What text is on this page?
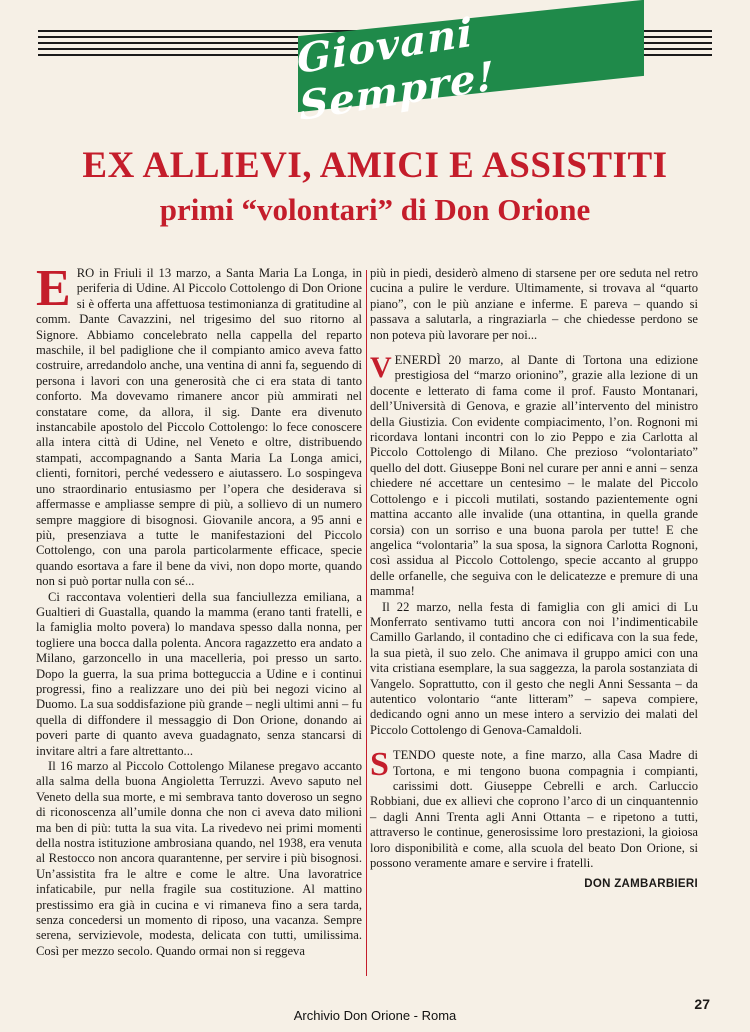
Giovani Sempre!
EX ALLIEVI, AMICI E ASSISTITI
primi “volontari” di Don Orione

ERO in Friuli il 13 marzo, a Santa Maria La Longa, in periferia di Udine. Al Piccolo Cottolengo di Don Orione si è offerta una affettuosa testimonianza di gratitudine al comm. Dante Cavazzini, nel trigesimo del suo ritorno al Signore. Abbiamo concelebrato nella cappella del reparto maschile, il bel padiglione che il compianto amico aveva fatto costruire, arredandolo anche, una ventina di anni fa, seguendo di persona i lavori con una generosità che ci era stata di tanto conforto. Ma dovevamo rimanere ancor più ammirati nel constatare come, da allora, il sig. Dante era divenuto instancabile apostolo del Piccolo Cottolengo: lo fece conoscere alla intera città di Udine, nel Veneto e oltre, distribuendo stampati, accompagnando a Santa Maria La Longa amici, clienti, fornitori, perché vedessero e aiutassero. Lo sospingeva uno straordinario entusiasmo per l’opera che desiderava si affermasse e ampliasse sempre di più, a sollievo di un numero sempre maggiore di bisognosi. Giovanile ancora, a 95 anni e più, presenziava a tutte le manifestazioni del Piccolo Cottolengo, con una parola particolarmente efficace, specie quando esortava a fare il bene da vivi, non dopo morte, quando non si può portar nulla con sé...

Ci raccontava volentieri della sua fanciullezza emiliana, a Gualtieri di Guastalla, quando la mamma (erano tanti fratelli, e la famiglia molto povera) lo mandava spesso dalla nonna, per togliere una bocca dalla polenta. Ancora ragazzetto era andato a Milano, garzoncello in una macelleria, poi presso un sarto. Dopo la guerra, la sua prima botteguccia a Udine e i continui progressi, fino a realizzare uno dei più bei negozi vicino al Duomo. La sua soddisfazione più grande – negli ultimi anni – fu quella di diffondere il messaggio di Don Orione, donando ai poveri parte di quanto aveva guadagnato, senza stancarsi di invitare altri a fare altrettanto...

Il 16 marzo al Piccolo Cottolengo Milanese pregavo accanto alla salma della buona Angioletta Terruzzi. Avevo saputo nel Veneto della sua morte, e mi sembrava tanto doveroso un segno di riconoscenza all’umile donna che non ci aveva dato milioni ma ben di più: tutta la sua vita. La rivedevo nei primi momenti della nostra istituzione ambrosiana quando, nel 1938, era venuta al Restocco non ancora quarantenne, per servire i più bisognosi. Un’assistita fra le altre e come le altre. Una lavoratrice infaticabile, pur nella fragile sua costituzione. Al mattino prestissimo era già in cucina e vi rimaneva fino a sera tarda, senza concedersi un momento di riposo, una vacanza. Sempre serena, servizievole, modesta, delicata con tutti, umilissima. Così per mezzo secolo. Quando ormai non si reggeva

più in piedi, desiderò almeno di starsene per ore seduta nel retro cucina a pulire le verdure. Ultimamente, si trovava al “quarto piano”, con le più anziane e inferme. E pareva – quando si passava a salutarla, a ringraziarla – che chiedesse perdono se non poteva più lavorare per noi...

VENERDÌ 20 marzo, al Dante di Tortona una edizione prestigiosa del “marzo orionino”, grazie alla lezione di un docente e letterato di fama come il prof. Fausto Montanari, dell’Università di Genova, e grazie all’intervento del ministro della Giustizia. Con evidente compiacimento, l’on. Rognoni mi ricordava lontani incontri con lo zio Peppo e zia Carlotta al Piccolo Cottolengo di Milano. Che prezioso “volontariato” quello del dott. Giuseppe Boni nel curare per anni e anni – senza chiedere né accettare un centesimo – le malate del Piccolo Cottolengo e i piccoli mutilati, sostando pazientemente ogni mattina accanto alle invalide (una ottantina, in quella grande corsia) con un sorriso e una buona parola per tutte! E che angelica “volontaria” la sua sposa, la signora Carlotta Rognoni, così assidua al Piccolo Cottolengo, specie accanto al gruppo delle orfanelle, che seguiva con le delicatezze e premure di una mamma!

Il 22 marzo, nella festa di famiglia con gli amici di Lu Monferrato sentivamo tutti ancora con noi l’indimenticabile Camillo Garlando, il contadino che ci edificava con la sua fede, la sua pietà, il suo zelo. Che animava il gruppo amici con una vita cristiana esemplare, la sua saggezza, la parola sostanziata di Vangelo. Soprattutto, con il gesto che negli Anni Sessanta – da autentico volontario “ante litteram” – sapeva compiere, dedicando ogni anno un mese intero a servizio dei malati del Piccolo Cottolengo di Genova-Camaldoli.

STENDO queste note, a fine marzo, alla Casa Madre di Tortona, e mi tengono buona compagnia i compianti, carissimi dott. Giuseppe Cebrelli e arch. Carluccio Robbiani, due ex allievi che coprono l’arco di un cinquantennio – dagli Anni Trenta agli Anni Ottanta – e ripetono a tutti, attraverso le continue, generosissime loro prestazioni, la gioiosa loro disponibilità e come, alla scuola del beato Don Orione, si possono veramente amare e servire i fratelli.

DON ZAMBARBIERI
27
Archivio Don Orione - Roma
